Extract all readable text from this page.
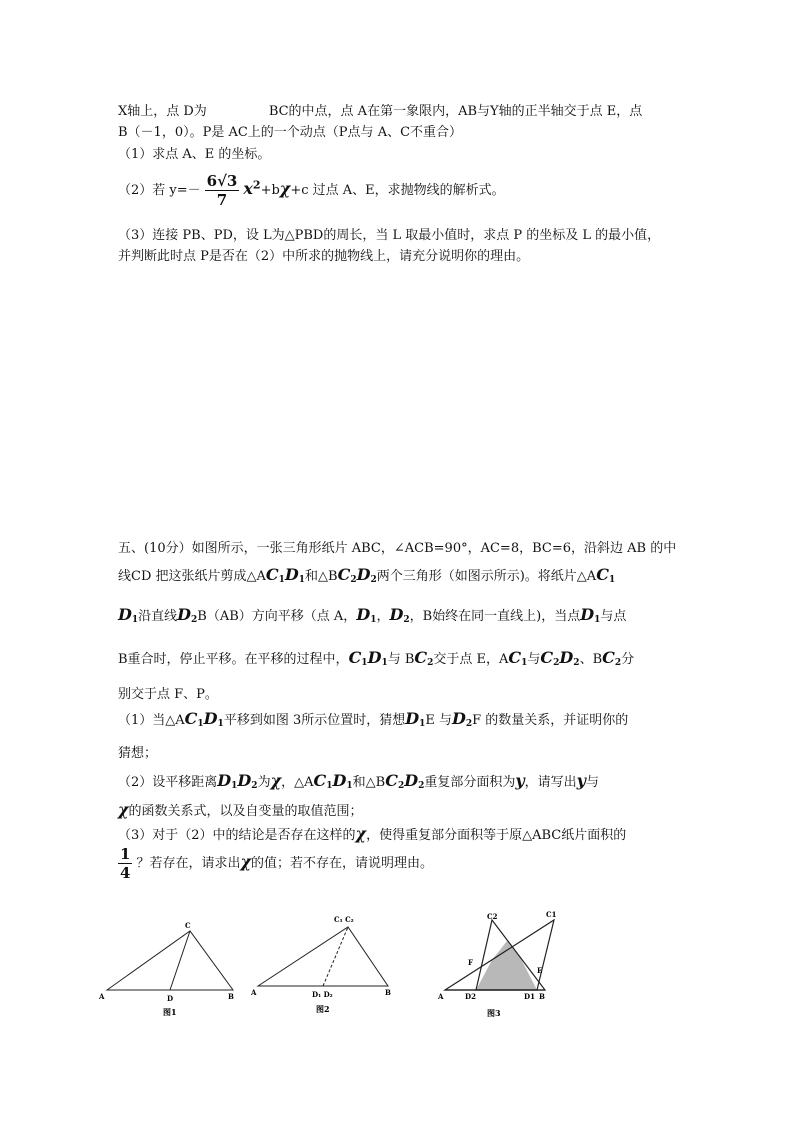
X轴上，点 D为	BC的中点，点 A在第一象限内，AB与Y轴的正半轴交于点 E，点
B（－1，0）。P是 AC上的一个动点（P点与 A、C不重合）
（1）求点 A、E 的坐标。
（2）若 $y=- \frac{6√3}{7} x^2+b\chi+c$ 过点 A、E，求抛物线的解析式。
（3）连接 PB、PD，设 L为△PBD的周长，当 L 取最小值时，求点 P 的坐标及 L 的最小值，
并判断此时点 P是否在（2）中所求的抛物线上，请充分说明你的理由。
五、(10分）如图所示，一张三角形纸片 ABC，∠ACB=90°，AC=8，BC=6，沿斜边 AB 的中
线CD 把这张纸片剪成$\triangle AC_1D_1$和$\triangle BC_2D_2$两个三角形（如图示所示)。将纸片$\triangle AC_1$
$D_1$沿直线$D_2B(AB)$方向平移（点 A，$D_1$，$D_2$，B始终在同一直线上)，当点$D_1$与点
B重合时，停止平移。在平移的过程中，$C_1D_1$与 $BC_2$交于点 E，$AC_1$与$C_2D_2$、$BC_2$分
别交于点 F、P。
（1）当$\triangle AC_1D_1$平移到如图 3所示位置时，猜想$D_1E$ 与$D_2F$ 的数量关系，并证明你的
猜想；
（2）设平移距离$D_1D_2$为χ，$\triangle AC_1D_1$和$\triangle BC_2D_2$重复部分面积为y，请写出y与
χ的函数关系式，以及自变量的取值范围；
（3）对于（2）中的结论是否存在这样的χ，使得重复部分面积等于原△ABC纸片面积的
$\frac{1}{4}$ ？若存在，请求出χ的值；若不存在，请说明理由。
A
C
D	B
图1
A
C₁ C₂
D₁ D₂	B
图2
A	D2	D1 B
C2	C1
F
E
图3
